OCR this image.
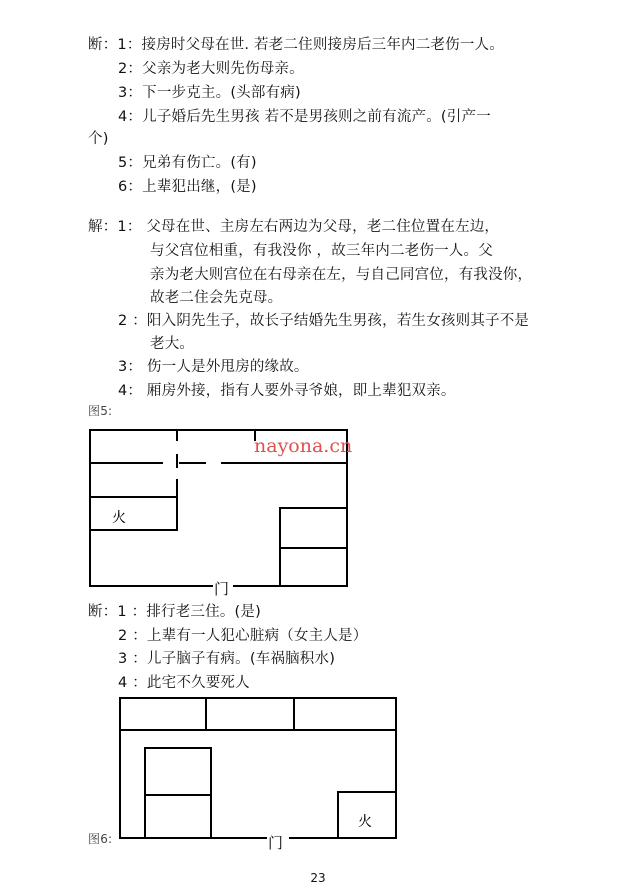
断：1：接房时父母在世. 若老二住则接房后三年内二老伤一人。
2：父亲为老大则先伤母亲。
3：下一步克主。(头部有病)
4：儿子婚后先生男孩 若不是男孩则之前有流产。(引产一
个)
5：兄弟有伤亡。(有)
6：上辈犯出继，(是)
解：1： 父母在世、主房左右两边为父母，老二住位置在左边，
与父宫位相重，有我没你 ，故三年内二老伤一人。父
亲为老大则宫位在右母亲在左，与自己同宫位，有我没你，
故老二住会先克母。
2 ：阳入阴先生子，故长子结婚先生男孩，若生女孩则其子不是
老大。
3： 伤一人是外甩房的缘故。
4： 厢房外接，指有人要外寻爷娘，即上辈犯双亲。
图5:
nayona.cn
火
门
断：1 ：排行老三住。(是)
2 ：上辈有一人犯心脏病（女主人是）
3 ：儿子脑子有病。(车祸脑积水)
4 ：此宅不久要死人
火
门
图6:
23
